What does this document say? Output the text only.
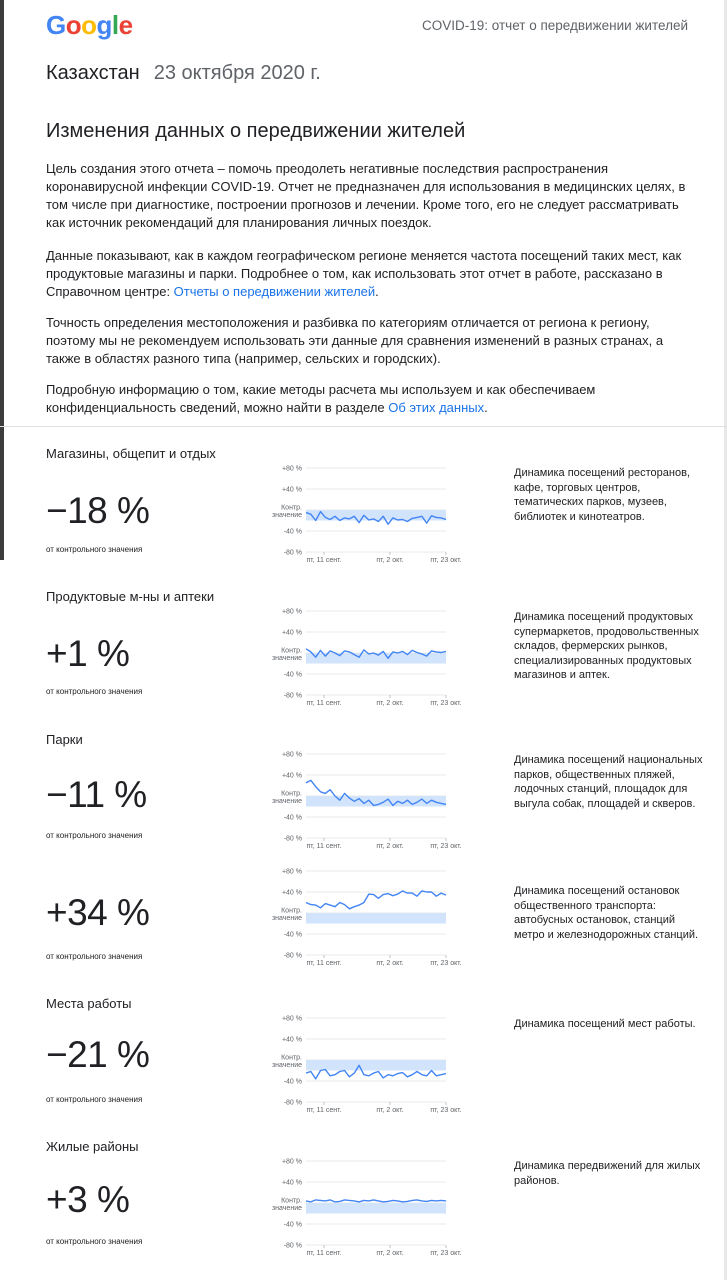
Google	COVID-19: отчет о передвижении жителей
Казахстан 23 октября 2020 г.
Изменения данных о передвижении жителей

Цель создания этого отчета – помочь преодолеть негативные последствия распространения коронавирусной инфекции COVID-19. Отчет не предназначен для использования в медицинских целях, в том числе при диагностике, построении прогнозов и лечении. Кроме того, его не следует рассматривать как источник рекомендаций для планирования личных поездок.

Данные показывают, как в каждом географическом регионе меняется частота посещений таких мест, как продуктовые магазины и парки. Подробнее о том, как использовать этот отчет в работе, рассказано в Справочном центре: Отчеты о передвижении жителей.

Точность определения местоположения и разбивка по категориям отличается от региона к региону, поэтому мы не рекомендуем использовать эти данные для сравнения изменений в разных странах, а также в областях разного типа (например, сельских и городских).

Подробную информацию о том, какие методы расчета мы используем и как обеспечиваем конфиденциальность сведений, можно найти в разделе Об этих данных.

Магазины, общепит и отдых
−18 %
от контрольного значения
+80 %
+40 %
-40 %
-80 %
Контр.
значение
пт, 11 сент.	пт, 2 окт.	пт, 23 окт.
Динамика посещений ресторанов, кафе, торговых центров, тематических парков, музеев, библиотек и кинотеатров.
Продуктовые м-ны и аптеки
+1 %
от контрольного значения
+80 %
+40 %
-40 %
-80 %
Контр.
значение
пт, 11 сент.	пт, 2 окт.	пт, 23 окт.
Динамика посещений продуктовых супермаркетов, продовольственных складов, фермерских рынков, специализированных продуктовых магазинов и аптек.
Парки
−11 %
от контрольного значения
+80 %
+40 %
-40 %
-80 %
Контр.
значение
пт, 11 сент.	пт, 2 окт.	пт, 23 окт.
Динамика посещений национальных парков, общественных пляжей, лодочных станций, площадок для выгула собак, площадей и скверов.
+34 %
от контрольного значения
+80 %
+40 %
-40 %
-80 %
Контр.
значение
пт, 11 сент.	пт, 2 окт.	пт, 23 окт.
Динамика посещений остановок общественного транспорта: автобусных остановок, станций метро и железнодорожных станций.
Места работы
−21 %
от контрольного значения
+80 %
+40 %
-40 %
-80 %
Контр.
значение
пт, 11 сент.	пт, 2 окт.	пт, 23 окт.
Динамика посещений мест работы.
Жилые районы
+3 %
от контрольного значения
+80 %
+40 %
-40 %
-80 %
Контр.
значение
пт, 11 сент.	пт, 2 окт.	пт, 23 окт.
Динамика передвижений для жилых районов.
